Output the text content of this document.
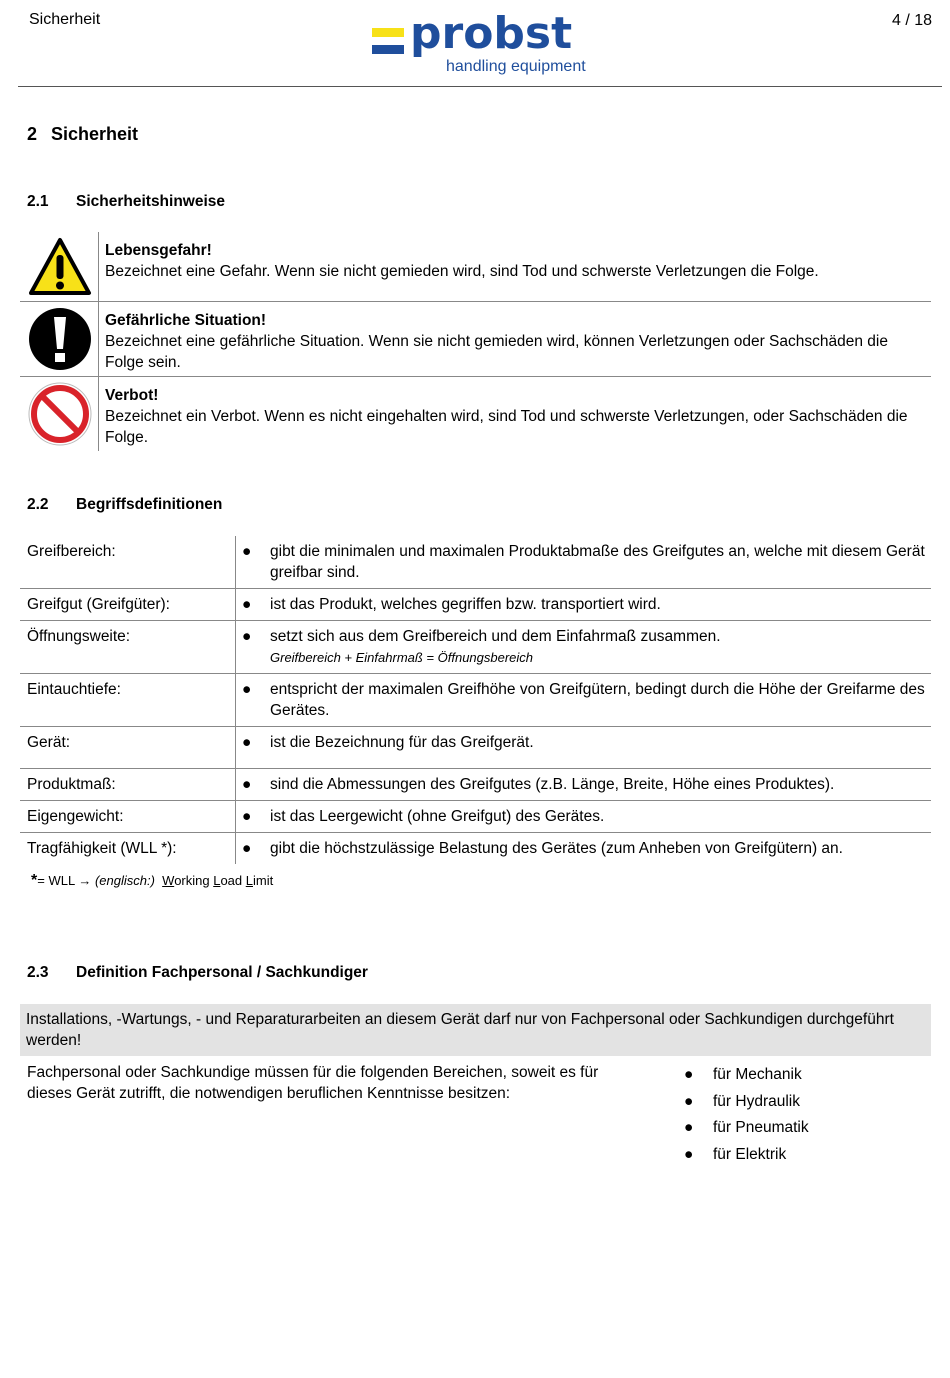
Sicherheit	probst
handling equipment
4 / 18
2 Sicherheit
2.1 Sicherheitshinweise
Lebensgefahr!
Bezeichnet eine Gefahr. Wenn sie nicht gemieden wird, sind Tod und schwerste Verletzungen die Folge.
Gefährliche Situation!
Bezeichnet eine gefährliche Situation. Wenn sie nicht gemieden wird, können Verletzungen oder Sachschäden die Folge sein.
Verbot!
Bezeichnet ein Verbot. Wenn es nicht eingehalten wird, sind Tod und schwerste Verletzungen, oder Sachschäden die Folge.
2.2 Begriffsdefinitionen
Greifbereich:	●	gibt die minimalen und maximalen Produktabmaße des Greifgutes an, welche mit diesem Gerät greifbar sind.

Greifgut (Greifgüter):	●	ist das Produkt, welches gegriffen bzw. transportiert wird.

Öffnungsweite:	●	setzt sich aus dem Greifbereich und dem Einfahrmaß zusammen.
Greifbereich + Einfahrmaß = Öffnungsbereich

Eintauchtiefe:	●	entspricht der maximalen Greifhöhe von Greifgütern, bedingt durch die Höhe der Greifarme des Gerätes.

Gerät:	●	ist die Bezeichnung für das Greifgerät.

Produktmaß:	●	sind die Abmessungen des Greifgutes (z.B. Länge, Breite, Höhe eines Produktes).

Eigengewicht:	●	ist das Leergewicht (ohne Greifgut) des Gerätes.

Tragfähigkeit (WLL *):	●	gibt die höchstzulässige Belastung des Gerätes (zum Anheben von Greifgütern) an.
*= WLL → (englisch:) Working Load Limit
2.3 Definition Fachpersonal / Sachkundiger
Installations, -Wartungs, - und Reparaturarbeiten an diesem Gerät darf nur von Fachpersonal oder Sachkundigen durchgeführt werden!
Fachpersonal oder Sachkundige müssen für die folgenden Bereichen, soweit es für dieses Gerät zutrifft, die notwendigen beruflichen Kenntnisse besitzen:
● für Mechanik
● für Hydraulik
● für Pneumatik
● für Elektrik
